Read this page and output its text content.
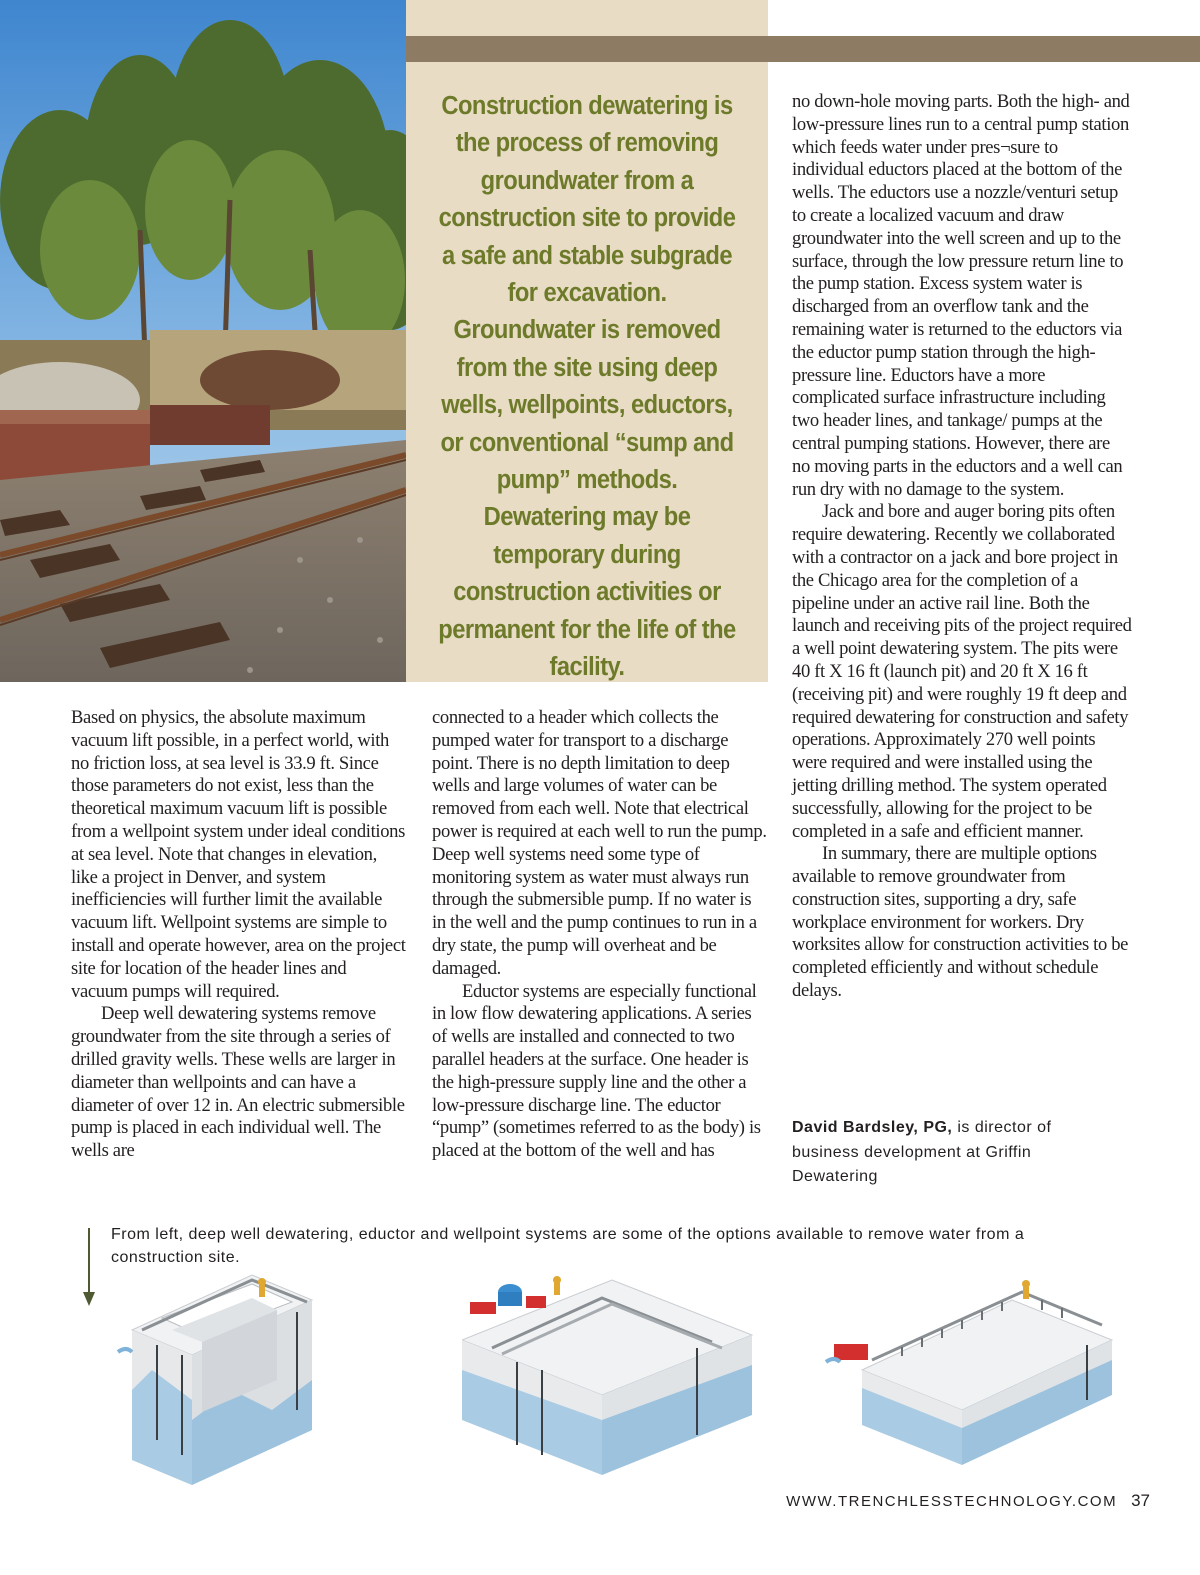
Construction dewatering is the process of removing groundwater from a construction site to provide a safe and stable subgrade for excavation. Groundwater is removed from the site using deep wells, wellpoints, eductors, or conventional “sump and pump” methods. Dewatering may be temporary during construction activities or permanent for the life of the facility.

Based on physics, the absolute maximum vacuum lift possible, in a perfect world, with no friction loss, at sea level is 33.9 ft. Since those parameters do not exist, less than the theoretical maximum vacuum lift is possible from a wellpoint system under ideal conditions at sea level. Note that changes in elevation, like a project in Denver, and system inefficiencies will further limit the available vacuum lift. Wellpoint systems are simple to install and operate however, area on the project site for location of the header lines and vacuum pumps will required.

Deep well dewatering systems remove groundwater from the site through a series of drilled gravity wells. These wells are larger in diameter than wellpoints and can have a diameter of over 12 in. An electric submersible pump is placed in each individual well. The wells are

connected to a header which collects the pumped water for transport to a discharge point. There is no depth limitation to deep wells and large volumes of water can be removed from each well. Note that electrical power is required at each well to run the pump. Deep well systems need some type of monitoring system as water must always run through the submersible pump. If no water is in the well and the pump continues to run in a dry state, the pump will overheat and be damaged.

Eductor systems are especially functional in low flow dewatering applications. A series of wells are installed and connected to two parallel headers at the surface. One header is the high-pressure supply line and the other a low-pressure discharge line. The eductor “pump” (sometimes referred to as the body) is placed at the bottom of the well and has

no down-hole moving parts. Both the high- and low-pressure lines run to a central pump station which feeds water under pres¬sure to individual eductors placed at the bottom of the wells. The eductors use a nozzle/venturi setup to create a localized vacuum and draw groundwater into the well screen and up to the surface, through the low pressure return line to the pump station. Excess system water is discharged from an overflow tank and the remaining water is returned to the eductors via the eductor pump station through the high-pressure line. Eductors have a more complicated surface infrastructure including two header lines, and tankage/ pumps at the central pumping stations. However, there are no moving parts in the eductors and a well can run dry with no damage to the system.

Jack and bore and auger boring pits often require dewatering. Recently we collaborated with a contractor on a jack and bore project in the Chicago area for the completion of a pipeline under an active rail line. Both the launch and receiving pits of the project required a well point dewatering system. The pits were 40 ft X 16 ft (launch pit) and 20 ft X 16 ft (receiving pit) and were roughly 19 ft deep and required dewatering for construction and safety operations. Approximately 270 well points were required and were installed using the jetting drilling method. The system operated successfully, allowing for the project to be completed in a safe and efficient manner.

In summary, there are multiple options available to remove groundwater from construction sites, supporting a dry, safe workplace environment for workers. Dry worksites allow for construction activities to be completed efficiently and without schedule delays.

David Bardsley, PG, is director of business development at Griffin Dewatering

From left, deep well dewatering, eductor and wellpoint systems are some of the options available to remove water from a construction site.

WWW.TRENCHLESSTECHNOLOGY.COM 37
